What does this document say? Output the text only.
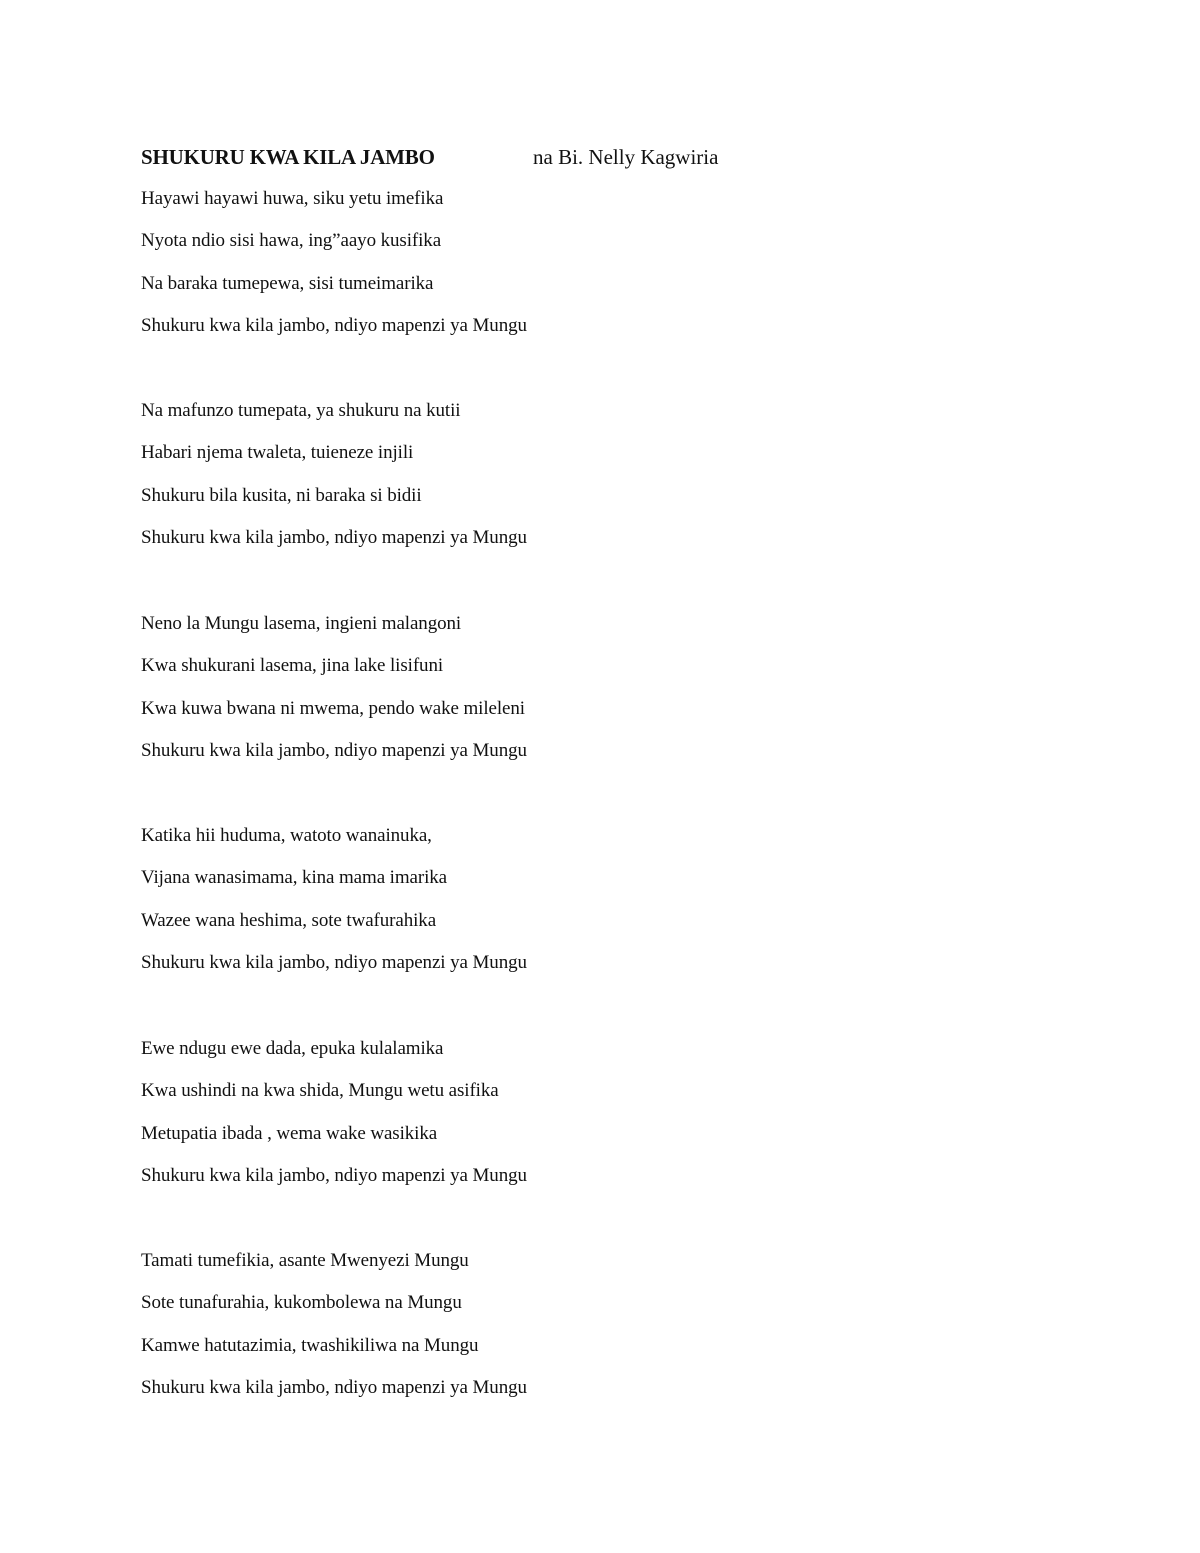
SHUKURU KWA KILA JAMBO	na Bi. Nelly Kagwiria
Hayawi hayawi huwa, siku yetu imefika
Nyota ndio sisi hawa, ing”aayo kusifika
Na baraka tumepewa, sisi tumeimarika
Shukuru kwa kila jambo, ndiyo mapenzi ya Mungu
Na mafunzo tumepata, ya shukuru na kutii
Habari njema twaleta, tuieneze injili
Shukuru bila kusita, ni baraka si bidii
Shukuru kwa kila jambo, ndiyo mapenzi ya Mungu
Neno la Mungu lasema, ingieni malangoni
Kwa shukurani lasema, jina lake lisifuni
Kwa kuwa bwana ni mwema, pendo wake mileleni
Shukuru kwa kila jambo, ndiyo mapenzi ya Mungu
Katika hii huduma, watoto wanainuka,
Vijana wanasimama, kina mama imarika
Wazee wana heshima, sote twafurahika
Shukuru kwa kila jambo, ndiyo mapenzi ya Mungu
Ewe ndugu ewe dada, epuka kulalamika
Kwa ushindi na kwa shida, Mungu wetu asifika
Metupatia ibada , wema wake wasikika
Shukuru kwa kila jambo, ndiyo mapenzi ya Mungu
Tamati tumefikia, asante Mwenyezi Mungu
Sote tunafurahia, kukombolewa na Mungu
Kamwe hatutazimia, twashikiliwa na Mungu
Shukuru kwa kila jambo, ndiyo mapenzi ya Mungu
